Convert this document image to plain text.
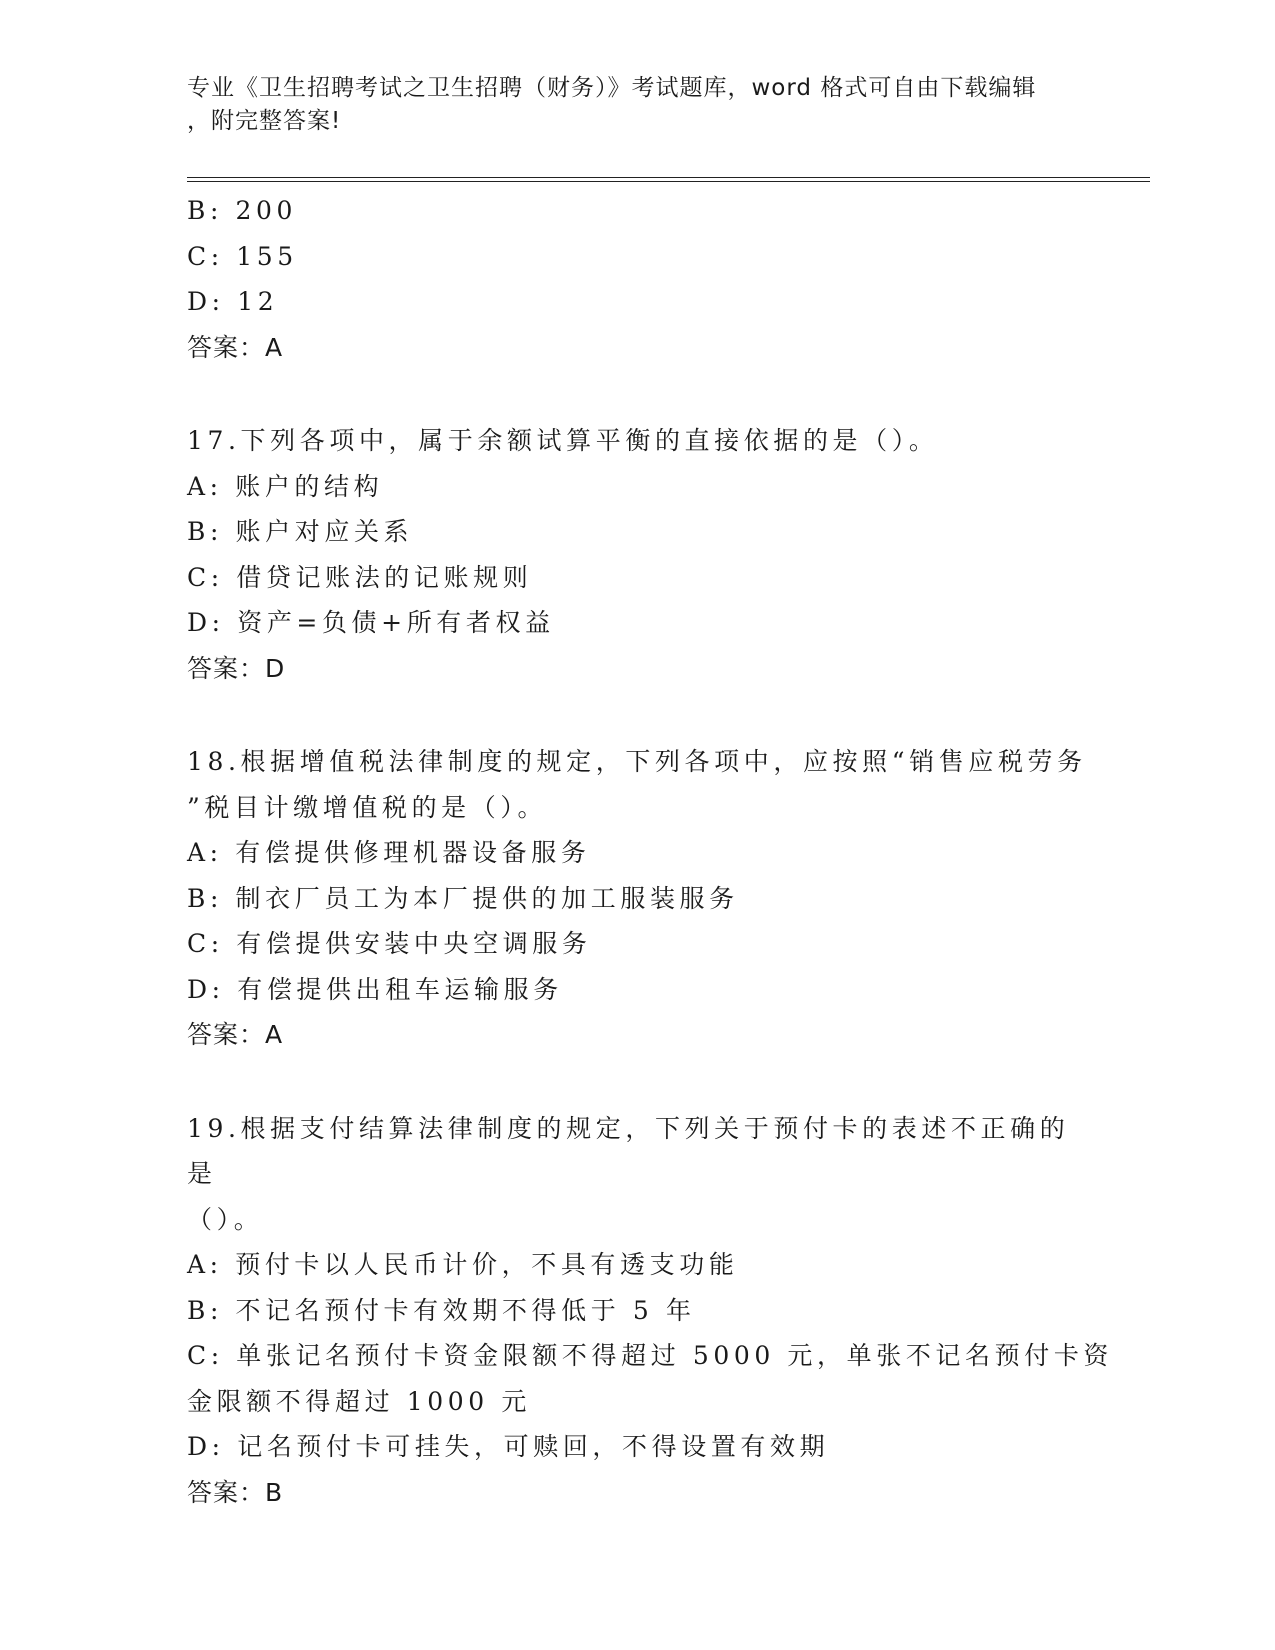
专业《卫生招聘考试之卫生招聘（财务）》考试题库，word 格式可自由下载编辑
，附完整答案!
B: 200
C: 155
D: 12
答案：A
17.下列各项中，属于余额试算平衡的直接依据的是（）。
A: 账户的结构
B: 账户对应关系
C: 借贷记账法的记账规则
D: 资产=负债+所有者权益
答案：D
18.根据增值税法律制度的规定，下列各项中，应按照“销售应税劳务
”税目计缴增值税的是（）。
A: 有偿提供修理机器设备服务
B: 制衣厂员工为本厂提供的加工服装服务
C: 有偿提供安装中央空调服务
D: 有偿提供出租车运输服务
答案：A
19.根据支付结算法律制度的规定，下列关于预付卡的表述不正确的是
（）。
A: 预付卡以人民币计价，不具有透支功能
B: 不记名预付卡有效期不得低于 5 年
C: 单张记名预付卡资金限额不得超过 5000 元，单张不记名预付卡资
金限额不得超过 1000 元
D: 记名预付卡可挂失，可赎回，不得设置有效期
答案：B
